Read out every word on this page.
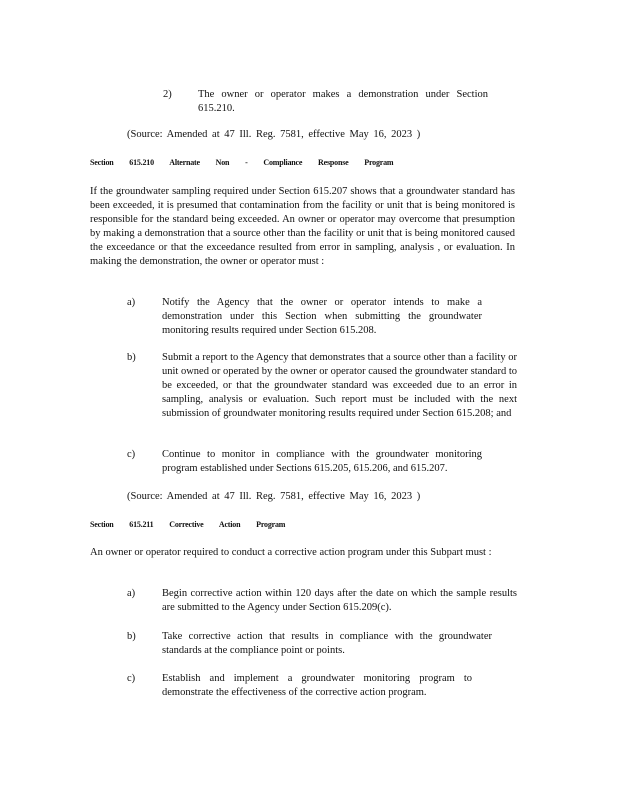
2)	The owner or operator makes a demonstration under Section 615.210.
(Source: Amended at 47 Ill. Reg. 7581, effective May 16, 2023 )
Section 615.210 Alternate Non - Compliance Response Program
If the groundwater sampling required under Section 615.207 shows that a groundwater standard has been exceeded, it is presumed that contamination from the facility or unit that is being monitored is responsible for the standard being exceeded. An owner or operator may overcome that presumption by making a demonstration that a source other than the facility or unit that is being monitored caused the exceedance or that the exceedance resulted from error in sampling, analysis , or evaluation. In making the demonstration, the owner or operator must :
a)	Notify the Agency that the owner or operator intends to make a demonstration under this Section when submitting the groundwater monitoring results required under Section 615.208.
b)	Submit a report to the Agency that demonstrates that a source other than a facility or unit owned or operated by the owner or operator caused the groundwater standard to be exceeded, or that the groundwater standard was exceeded due to an error in sampling, analysis or evaluation. Such report must be included with the next submission of groundwater monitoring results required under Section 615.208; and
c)	Continue to monitor in compliance with the groundwater monitoring program established under Sections 615.205, 615.206, and 615.207.
(Source: Amended at 47 Ill. Reg. 7581, effective May 16, 2023 )
Section 615.211 Corrective Action Program
An owner or operator required to conduct a corrective action program under this Subpart must :
a)	Begin corrective action within 120 days after the date on which the sample results are submitted to the Agency under Section 615.209(c).
b)	Take corrective action that results in compliance with the groundwater standards at the compliance point or points.
c)	Establish and implement a groundwater monitoring program to demonstrate the effectiveness of the corrective action program.
